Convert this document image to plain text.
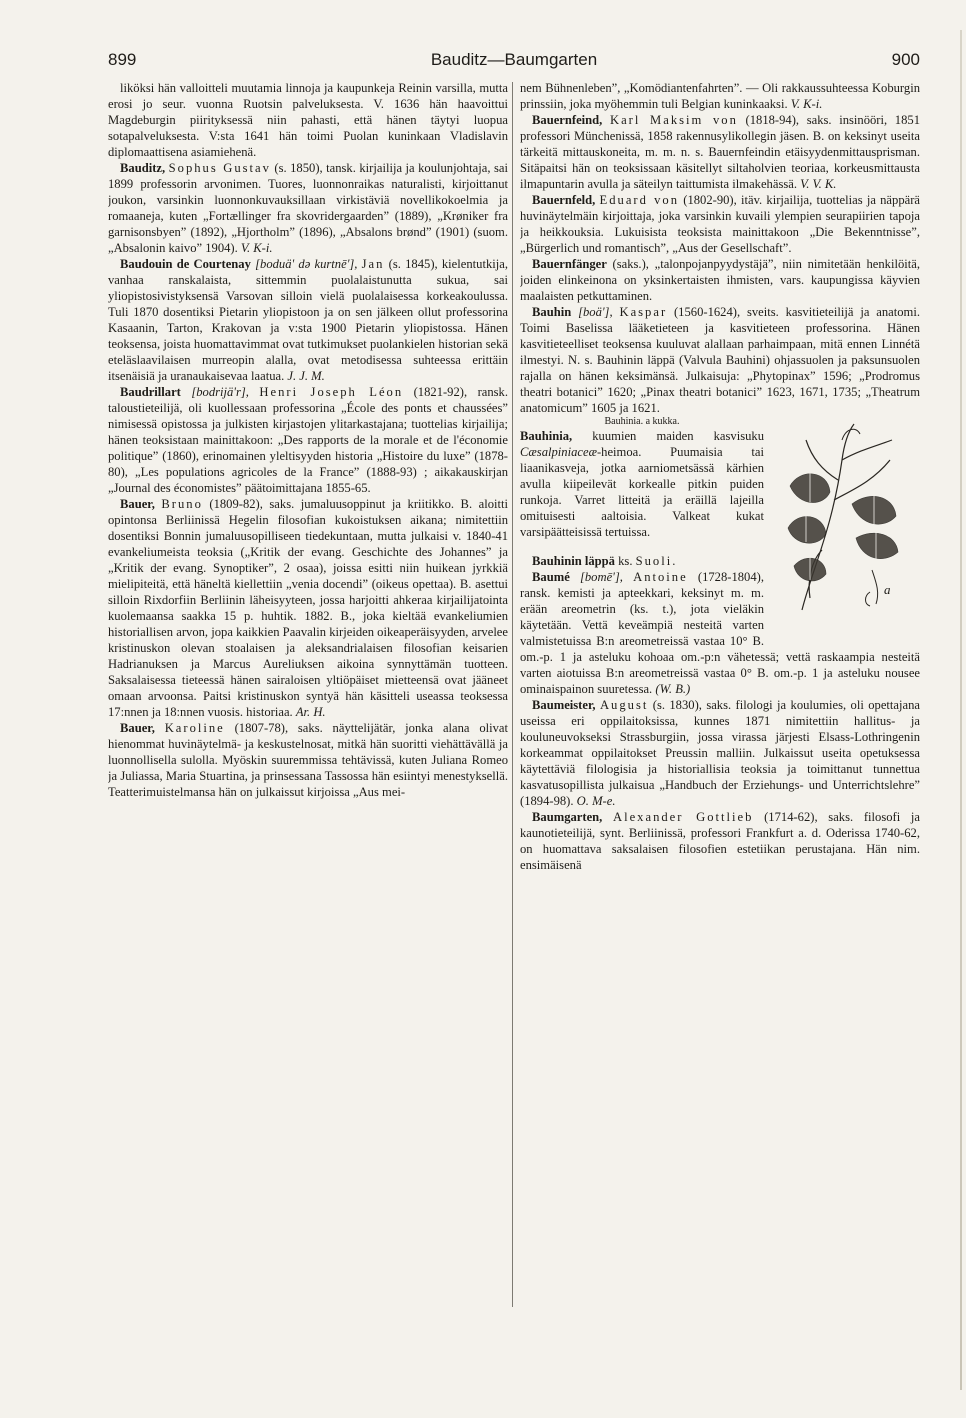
899	Bauditz—Baumgarten	900

liköksi hän valloitteli muutamia linnoja ja kaupunkeja Reinin varsilla, mutta erosi jo seur. vuonna Ruotsin palveluksesta. V. 1636 hän haavoittui Magdeburgin piirityksessä niin pahasti, että hänen täytyi luopua sotapalveluksesta. V:sta 1641 hän toimi Puolan kuninkaan Vladislavin diplomaattisena asiamiehenä.

Bauditz, Sophus Gustav (s. 1850), tansk. kirjailija ja koulunjohtaja, sai 1899 professorin arvonimen. Tuores, luonnonraikas naturalisti, kirjoittanut joukon, varsinkin luonnonkuvauksillaan virkistäviä novellikokoelmia ja romaaneja, kuten „Fortællinger fra skovridergaarden” (1889), „Krøniker fra garnisonsbyen” (1892), „Hjortholm” (1896), „Absalons brønd” (1901) (suom. „Absalonin kaivo” 1904). V. K-i.

Baudouin de Courtenay [boduä' də kurtnē'], Jan (s. 1845), kielentutkija, vanhaa ranskalaista, sittemmin puolalaistunutta sukua, sai yliopistosivistyksensä Varsovan silloin vielä puolalaisessa korkeakoulussa. Tuli 1870 dosentiksi Pietarin yliopistoon ja on sen jälkeen ollut professorina Kasaanin, Tarton, Krakovan ja v:sta 1900 Pietarin yliopistossa. Hänen teoksensa, joista huomattavimmat ovat tutkimukset puolankielen historian sekä eteläslaavilaisen murreopin alalla, ovat metodisessa suhteessa erittäin itsenäisiä ja uranaukaisevaa laatua. J. J. M.

Baudrillart [bodrijä'r], Henri Joseph Léon (1821-92), ransk. taloustieteilijä, oli kuollessaan professorina „École des ponts et chaussées” nimisessä opistossa ja julkisten kirjastojen ylitarkastajana; tuottelias kirjailija; hänen teoksistaan mainittakoon: „Des rapports de la morale et de l'économie politique” (1860), erinomainen yleltisyyden historia „Histoire du luxe” (1878-80), „Les populations agricoles de la France” (1888-93) ; aikakauskirjan „Journal des économistes” päätoimittajana 1855-65.

Bauer, Bruno (1809-82), saks. jumaluusoppinut ja kriitikko. B. aloitti opintonsa Berliinissä Hegelin filosofian kukoistuksen aikana; nimitettiin dosentiksi Bonnin jumaluusopilliseen tiedekuntaan, mutta julkaisi v. 1840-41 evankeliumeista teoksia („Kritik der evang. Geschichte des Johannes” ja „Kritik der evang. Synoptiker”, 2 osaa), joissa esitti niin huikean jyrkkiä mielipiteitä, että häneltä kiellettiin „venia docendi” (oikeus opettaa). B. asettui silloin Rixdorfiin Berliinin läheisyyteen, jossa harjoitti ahkeraa kirjailijatointa kuolemaansa saakka 15 p. huhtik. 1882. B., joka kieltää evankeliumien historiallisen arvon, jopa kaikkien Paavalin kirjeiden oikeaperäisyyden, arvelee kristinuskon olevan stoalaisen ja aleksandrialaisen filosofian keisarien Hadrianuksen ja Marcus Aureliuksen aikoina synnyttämän tuotteen. Saksalaisessa tieteessä hänen sairaloisen yltiöpäiset mietteensä ovat jääneet omaan arvoonsa. Paitsi kristinuskon syntyä hän käsitteli useassa teoksessa 17:nnen ja 18:nnen vuosis. historiaa. Ar. H.

Bauer, Karoline (1807-78), saks. näyttelijätär, jonka alana olivat hienommat huvinäytelmä- ja keskustelnosat, mitkä hän suoritti viehättävällä ja luonnollisella sulolla. Myöskin suuremmissa tehtävissä, kuten Juliana Romeo ja Juliassa, Maria Stuartina, ja prinsessana Tassossa hän esiintyi menestyksellä. Teatterimuistelmansa hän on julkaissut kirjoissa „Aus mei-

nem Bühnenleben”, „Komödiantenfahrten”. — Oli rakkaussuhteessa Koburgin prinssiin, joka myöhemmin tuli Belgian kuninkaaksi. V. K-i.

Bauernfeind, Karl Maksim von (1818-94), saks. insinööri, 1851 professori Münchenissä, 1858 rakennusylikollegin jäsen. B. on keksinyt useita tärkeitä mittauskoneita, m. m. n. s. Bauernfeindin etäisyydenmittausprisman. Sitäpaitsi hän on teoksissaan käsitellyt siltaholvien teoriaa, korkeusmittausta ilmapuntarin avulla ja säteilyn taittumista ilmakehässä. V. V. K.

Bauernfeld, Eduard von (1802-90), itäv. kirjailija, tuottelias ja näppärä huvinäytelmäin kirjoittaja, joka varsinkin kuvaili ylempien seurapiirien tapoja ja heikkouksia. Lukuisista teoksista mainittakoon „Die Bekenntnisse”, „Bürgerlich und romantisch”, „Aus der Gesellschaft”.

Bauernfänger (saks.), „talonpojanpyydystäjä”, niin nimitetään henkilöitä, joiden elinkeinona on yksinkertaisten ihmisten, vars. kaupungissa käyvien maalaisten petkuttaminen.

Bauhin [boä'], Kaspar (1560-1624), sveits. kasvitieteilijä ja anatomi. Toimi Baselissa lääketieteen ja kasvitieteen professorina. Hänen kasvitieteelliset teoksensa kuuluvat alallaan parhaimpaan, mitä ennen Linnétä ilmestyi. N. s. Bauhinin läppä (Valvula Bauhini) ohjassuolen ja paksunsuolen rajalla on hänen keksimänsä. Julkaisuja: „Phytopinax” 1596; „Prodromus theatri botanici” 1620; „Pinax theatri botanici” 1623, 1671, 1735; „Theatrum anatomicum” 1605 ja 1621.

a

Bauhinia. a kukka.
Bauhinia, kuumien maiden kasvisuku Cæsalpiniaceæ-heimoa. Puumaisia tai liaanikasveja, jotka aarniometsässä kärhien avulla kiipeilevät korkealle pitkin puiden runkoja. Varret litteitä ja eräillä lajeilla omituisesti aaltoisia. Valkeat kukat varsipäätteisissä tertuissa.

Bauhinin läppä ks. Suoli.

Baumé [bomē'], Antoine (1728-1804), ransk. kemisti ja apteekkari, keksinyt m. m. erään areometrin (ks. t.), jota vieläkin käytetään. Vettä keveämpiä nesteitä varten valmistetuissa B:n areometreissä vastaa 10° B. om.-p. 1 ja asteluku kohoaa om.-p:n vähetessä; vettä raskaampia nesteitä varten aiotuissa B:n areometreissä vastaa 0° B. om.-p. 1 ja asteluku nousee ominaispainon suuretessa. (W. B.)

Baumeister, August (s. 1830), saks. filologi ja koulumies, oli opettajana useissa eri oppilaitoksissa, kunnes 1871 nimitettiin hallitus- ja kouluneuvokseksi Strassburgiin, jossa virassa järjesti Elsass-Lothringenin korkeammat oppilaitokset Preussin malliin. Julkaissut useita opetuksessa käytettäviä filologisia ja historiallisia teoksia ja toimittanut tunnettua kasvatusopillista julkaisua „Handbuch der Erziehungs- und Unterrichtslehre” (1894-98). O. M-e.

Baumgarten, Alexander Gottlieb (1714-62), saks. filosofi ja kaunotieteilijä, synt. Berliinissä, professori Frankfurt a. d. Oderissa 1740-62, on huomattava saksalaisen filosofien estetiikan perustajana. Hän nim. ensimäisenä
